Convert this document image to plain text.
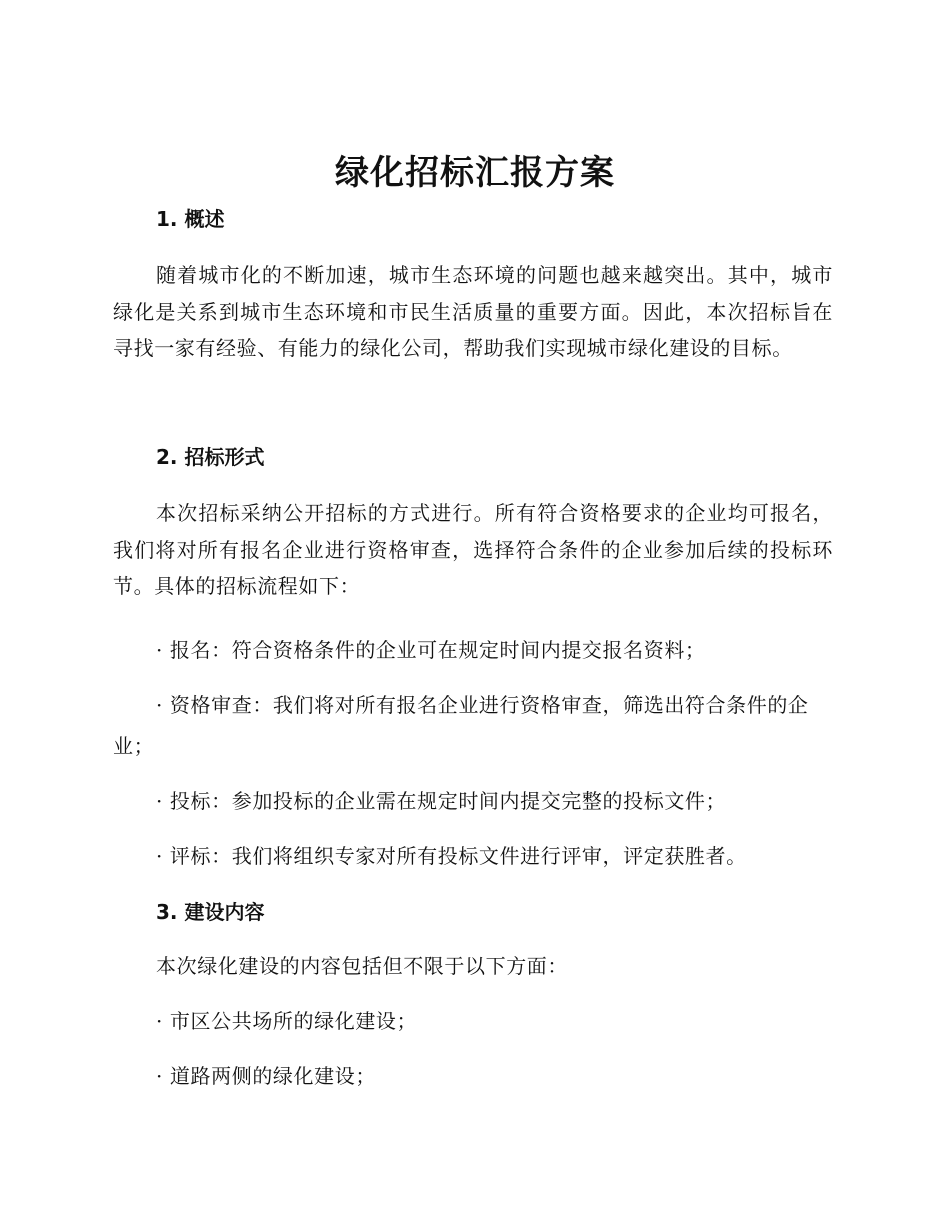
绿化招标汇报方案
1. 概述
随着城市化的不断加速，城市生态环境的问题也越来越突出。其中，城市绿化是关系到城市生态环境和市民生活质量的重要方面。因此，本次招标旨在寻找一家有经验、有能力的绿化公司，帮助我们实现城市绿化建设的目标。
2. 招标形式
本次招标采纳公开招标的方式进行。所有符合资格要求的企业均可报名，我们将对所有报名企业进行资格审查，选择符合条件的企业参加后续的投标环节。具体的招标流程如下：
· 报名：符合资格条件的企业可在规定时间内提交报名资料；
· 资格审查：我们将对所有报名企业进行资格审查，筛选出符合条件的企业；
· 投标：参加投标的企业需在规定时间内提交完整的投标文件；
· 评标：我们将组织专家对所有投标文件进行评审，评定获胜者。
3. 建设内容
本次绿化建设的内容包括但不限于以下方面：
· 市区公共场所的绿化建设；
· 道路两侧的绿化建设；
